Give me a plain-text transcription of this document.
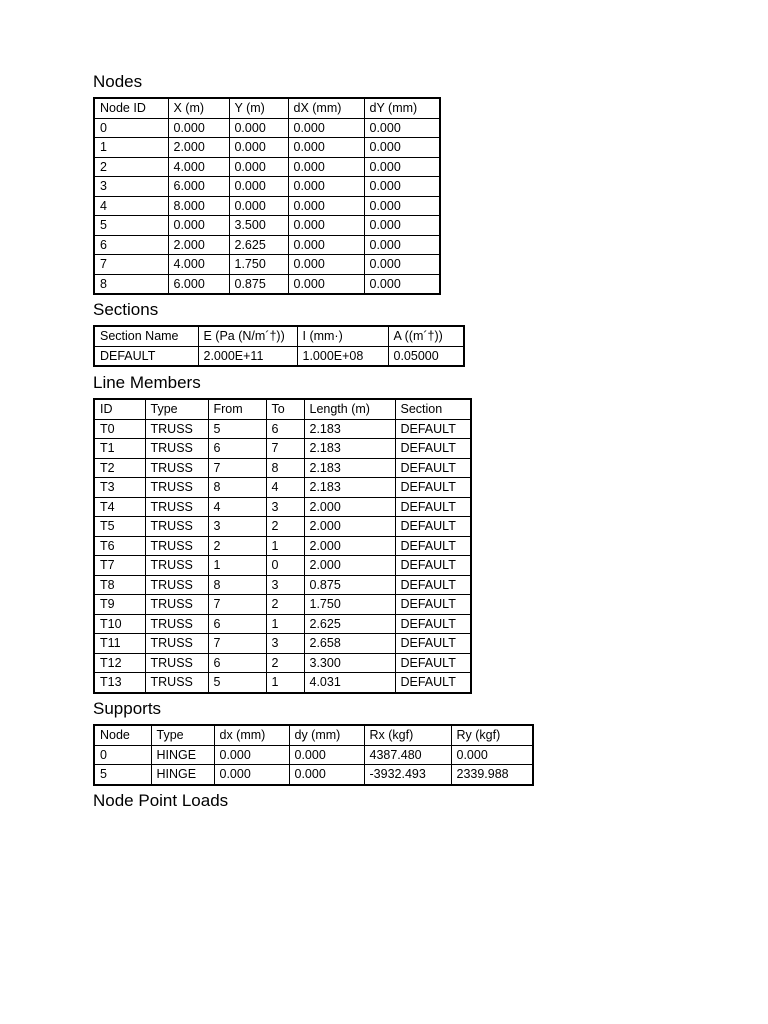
Nodes
Node ID	X (m)	Y (m)	dX (mm)	dY (mm)
0	0.000	0.000	0.000	0.000
1	2.000	0.000	0.000	0.000
2	4.000	0.000	0.000	0.000
3	6.000	0.000	0.000	0.000
4	8.000	0.000	0.000	0.000
5	0.000	3.500	0.000	0.000
6	2.000	2.625	0.000	0.000
7	4.000	1.750	0.000	0.000
8	6.000	0.875	0.000	0.000
Sections
Section Name	E (Pa (N/m´†))	I (mm·)	A ((m´†))
DEFAULT	2.000E+11	1.000E+08	0.05000
Line Members
ID	Type	From	To	Length (m)	Section
T0	TRUSS	5	6	2.183	DEFAULT
T1	TRUSS	6	7	2.183	DEFAULT
T2	TRUSS	7	8	2.183	DEFAULT
T3	TRUSS	8	4	2.183	DEFAULT
T4	TRUSS	4	3	2.000	DEFAULT
T5	TRUSS	3	2	2.000	DEFAULT
T6	TRUSS	2	1	2.000	DEFAULT
T7	TRUSS	1	0	2.000	DEFAULT
T8	TRUSS	8	3	0.875	DEFAULT
T9	TRUSS	7	2	1.750	DEFAULT
T10	TRUSS	6	1	2.625	DEFAULT
T11	TRUSS	7	3	2.658	DEFAULT
T12	TRUSS	6	2	3.300	DEFAULT
T13	TRUSS	5	1	4.031	DEFAULT
Supports
Node	Type	dx (mm)	dy (mm)	Rx (kgf)	Ry (kgf)
0	HINGE	0.000	0.000	4387.480	0.000
5	HINGE	0.000	0.000	-3932.493	2339.988
Node Point Loads
